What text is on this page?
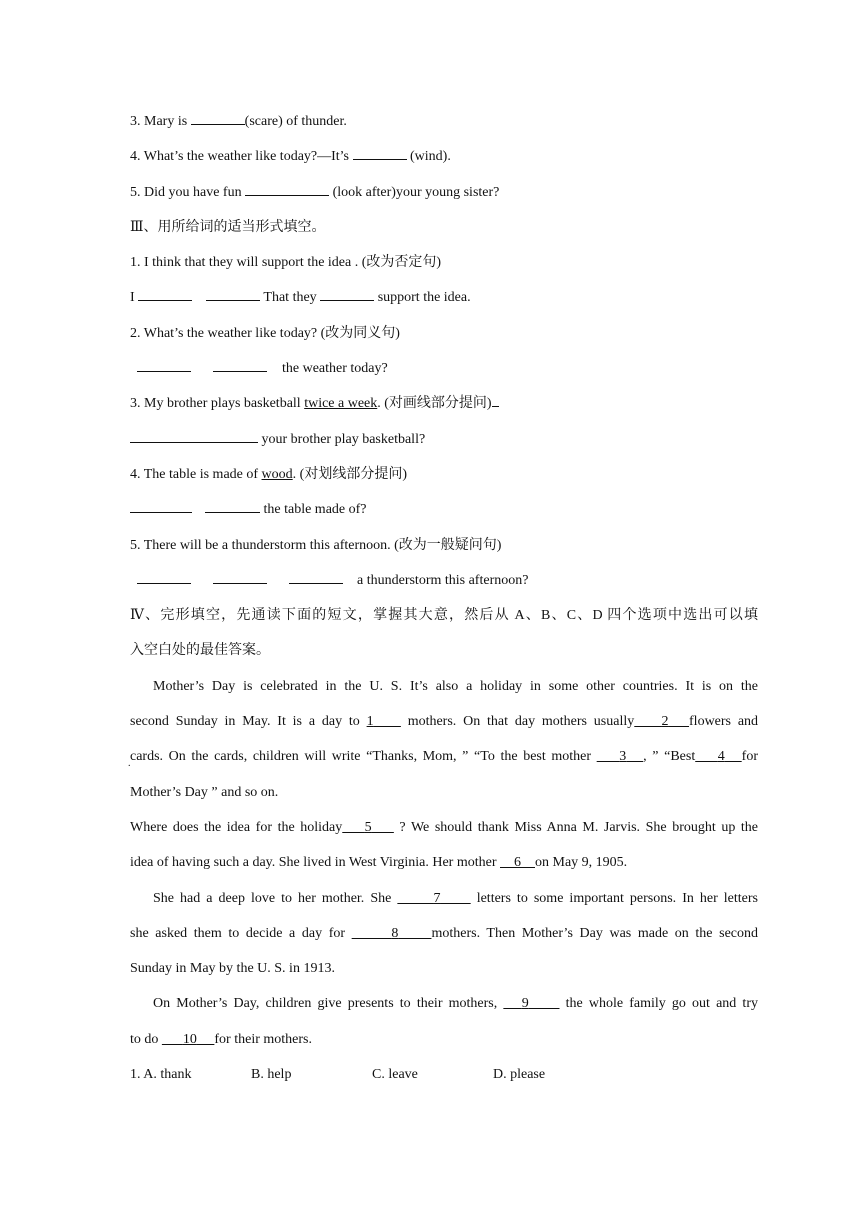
3. Mary is	(scare) of thunder.
4. What’s the weather like today?—It’s	(wind).
5. Did you have fun	(look after)your young sister?
Ⅲ、用所给词的适当形式填空。
1. I think that they will support the idea . (改为否定句)
I	That they	support the idea.
2. What’s the weather like today? (改为同义句)
the weather today?
3. My brother plays basketball twice a week. (对画线部分提问)
your brother play basketball?
4. The table is made of wood. (对划线部分提问)
the table made of?
5. There will be a thunderstorm this afternoon. (改为一般疑问句)
a thunderstorm this afternoon?
Ⅳ、完形填空，先通读下面的短文，掌握其大意，然后从 A、B、C、D 四个选项中选出可以填
入空白处的最佳答案。
Mother’s Day is celebrated in the U. S. It’s also a holiday in some other countries. It is on the
second Sunday in May. It is a day to 1     mothers. On that day mothers usually 2 flowers and
. cards. On the cards, children will write “Thanks, Mom, ” “To the best mother     3 , ” “Best 4 for
Mother’s Day ” and so on.
Where does the idea for the holiday 5     ? We should thank Miss Anna M. Jarvis. She brought up the
idea of having such a day. She lived in West Virginia. Her mother     6 on May 9, 1905.
She had a deep love to her mother. She	7      letters to some important persons. In her letters
she asked them to decide a day for	8 mothers. Then Mother’s Day was made on the second
Sunday in May by the U. S. in 1913.
On Mother’s Day, children give presents to their mothers,    9      the whole family go out and try
to do       10 for their mothers.
1. A. thank	B. help	C. leave	D. please
